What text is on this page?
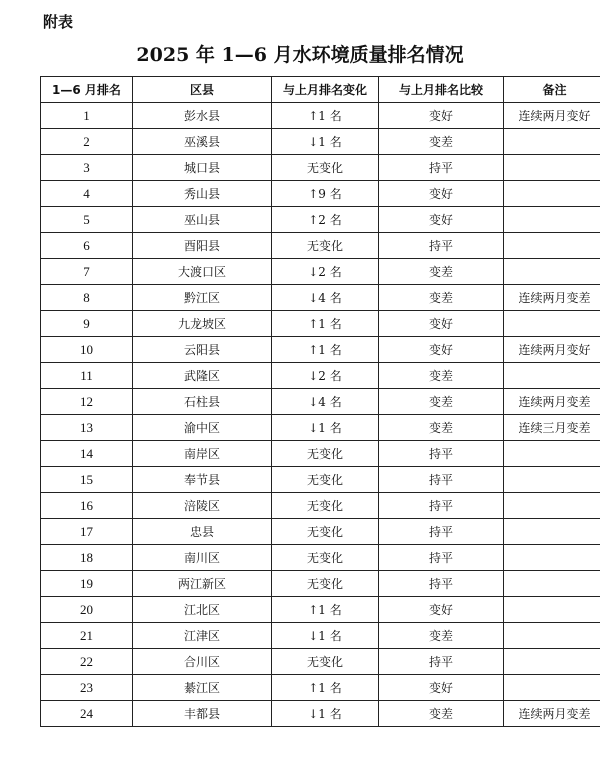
附表
2025 年 1—6 月水环境质量排名情况
1—6 月排名	区县	与上月排名变化	与上月排名比较	备注
1	彭水县	↑1 名	变好	连续两月变好
2	巫溪县	↓1 名	变差	
3	城口县	无变化	持平	
4	秀山县	↑9 名	变好	
5	巫山县	↑2 名	变好	
6	酉阳县	无变化	持平	
7	大渡口区	↓2 名	变差	
8	黔江区	↓4 名	变差	连续两月变差
9	九龙坡区	↑1 名	变好	
10	云阳县	↑1 名	变好	连续两月变好
11	武隆区	↓2 名	变差	
12	石柱县	↓4 名	变差	连续两月变差
13	渝中区	↓1 名	变差	连续三月变差
14	南岸区	无变化	持平	
15	奉节县	无变化	持平	
16	涪陵区	无变化	持平	
17	忠县	无变化	持平	
18	南川区	无变化	持平	
19	两江新区	无变化	持平	
20	江北区	↑1 名	变好	
21	江津区	↓1 名	变差	
22	合川区	无变化	持平	
23	綦江区	↑1 名	变好	
24	丰都县	↓1 名	变差	连续两月变差
